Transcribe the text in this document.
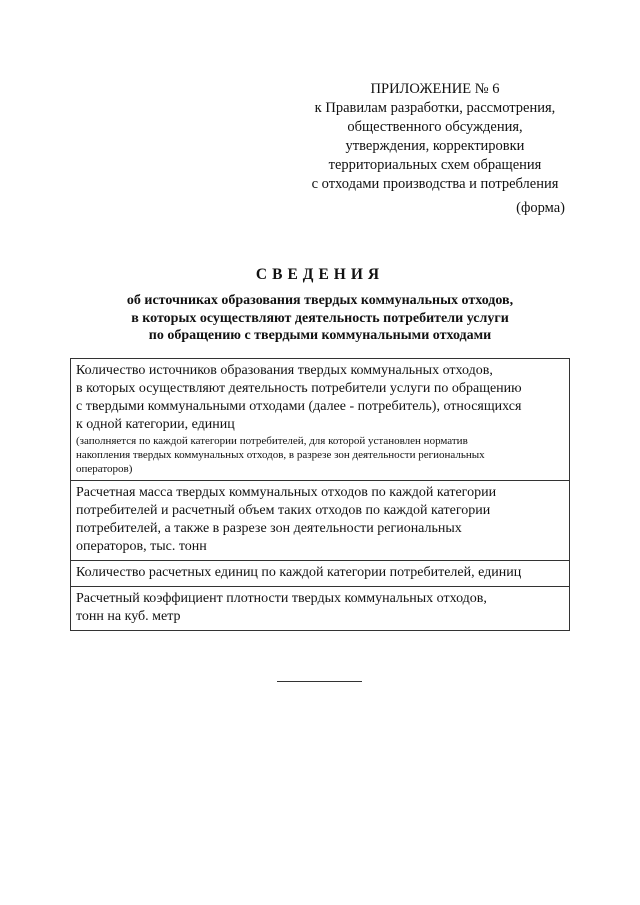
ПРИЛОЖЕНИЕ № 6
к Правилам разработки, рассмотрения,
общественного обсуждения,
утверждения, корректировки
территориальных схем обращения
с отходами производства и потребления
(форма)
СВЕДЕНИЯ
об источниках образования твердых коммунальных отходов,
в которых осуществляют деятельность потребители услуги
по обращению с твердыми коммунальными отходами
Количество источников образования твердых коммунальных отходов,
в которых осуществляют деятельность потребители услуги по обращению
с твердыми коммунальными отходами (далее - потребитель), относящихся
к одной категории, единиц
(заполняется по каждой категории потребителей, для которой установлен норматив
накопления твердых коммунальных отходов, в разрезе зон деятельности региональных
операторов)
Расчетная масса твердых коммунальных отходов по каждой категории
потребителей и расчетный объем таких отходов по каждой категории
потребителей, а также в разрезе зон деятельности региональных
операторов, тыс. тонн
Количество расчетных единиц по каждой категории потребителей, единиц
Расчетный коэффициент плотности твердых коммунальных отходов,
тонн на куб. метр
